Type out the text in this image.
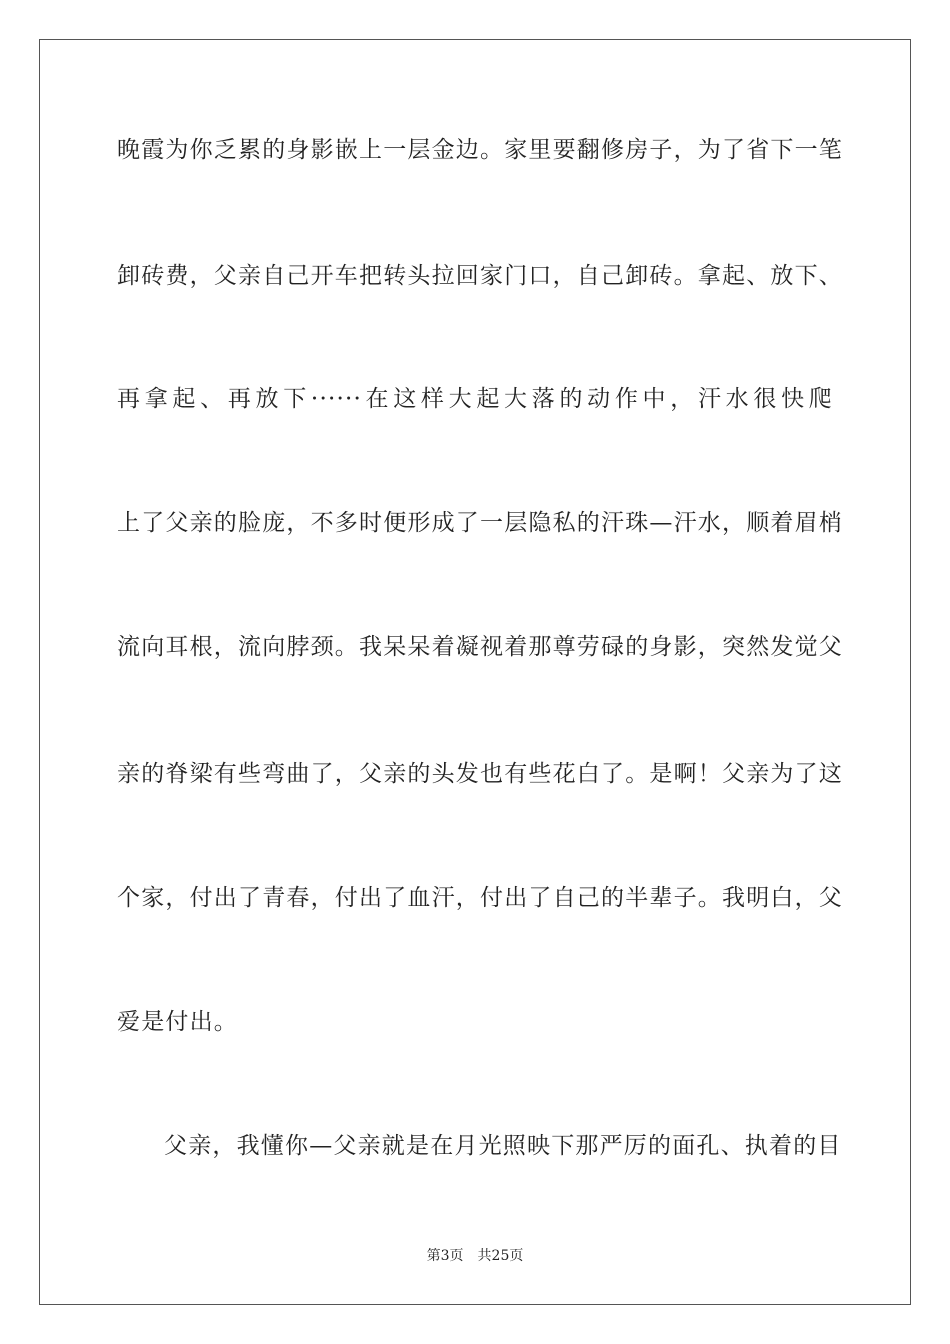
晚霞为你乏累的身影嵌上一层金边。家里要翻修房子，为了省下一笔
卸砖费，父亲自己开车把转头拉回家门口，自己卸砖。拿起、放下、
再拿起、再放下······在这样大起大落的动作中，汗水很快爬
上了父亲的脸庞，不多时便形成了一层隐私的汗珠—汗水，顺着眉梢
流向耳根，流向脖颈。我呆呆着凝视着那尊劳碌的身影，突然发觉父
亲的脊梁有些弯曲了，父亲的头发也有些花白了。是啊！父亲为了这
个家，付出了青春，付出了血汗，付出了自己的半辈子。我明白，父
爱是付出。
父亲，我懂你—父亲就是在月光照映下那严厉的面孔、执着的目
第3页　共25页
